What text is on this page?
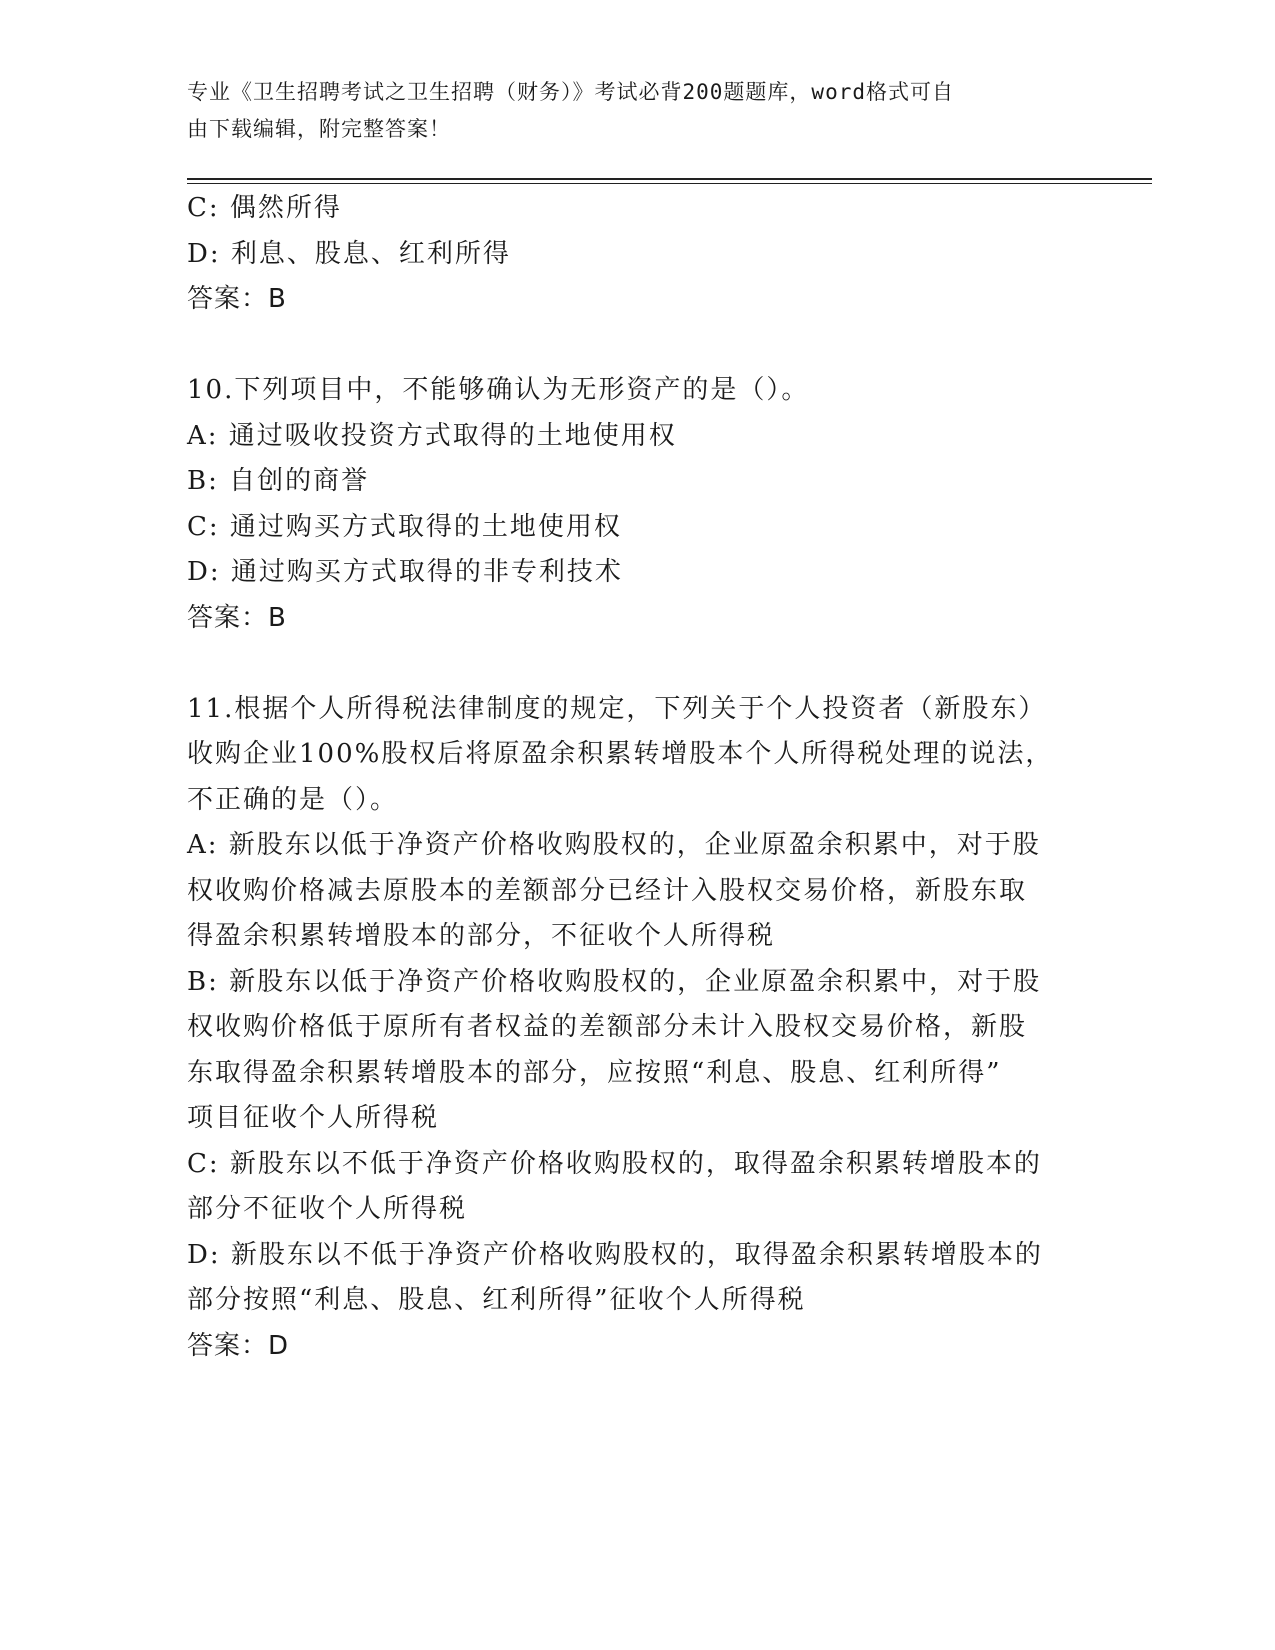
专业《卫生招聘考试之卫生招聘（财务）》考试必背200题题库，word格式可自
由下载编辑，附完整答案！
C: 偶然所得
D: 利息、股息、红利所得
答案：B
10.下列项目中，不能够确认为无形资产的是（）。
A: 通过吸收投资方式取得的土地使用权
B: 自创的商誉
C: 通过购买方式取得的土地使用权
D: 通过购买方式取得的非专利技术
答案：B
11.根据个人所得税法律制度的规定，下列关于个人投资者（新股东）
收购企业100%股权后将原盈余积累转增股本个人所得税处理的说法，
不正确的是（）。
A: 新股东以低于净资产价格收购股权的，企业原盈余积累中，对于股
权收购价格减去原股本的差额部分已经计入股权交易价格，新股东取
得盈余积累转增股本的部分，不征收个人所得税
B: 新股东以低于净资产价格收购股权的，企业原盈余积累中，对于股
权收购价格低于原所有者权益的差额部分未计入股权交易价格，新股
东取得盈余积累转增股本的部分，应按照“利息、股息、红利所得”
项目征收个人所得税
C: 新股东以不低于净资产价格收购股权的，取得盈余积累转增股本的
部分不征收个人所得税
D: 新股东以不低于净资产价格收购股权的，取得盈余积累转增股本的
部分按照“利息、股息、红利所得”征收个人所得税
答案：D
